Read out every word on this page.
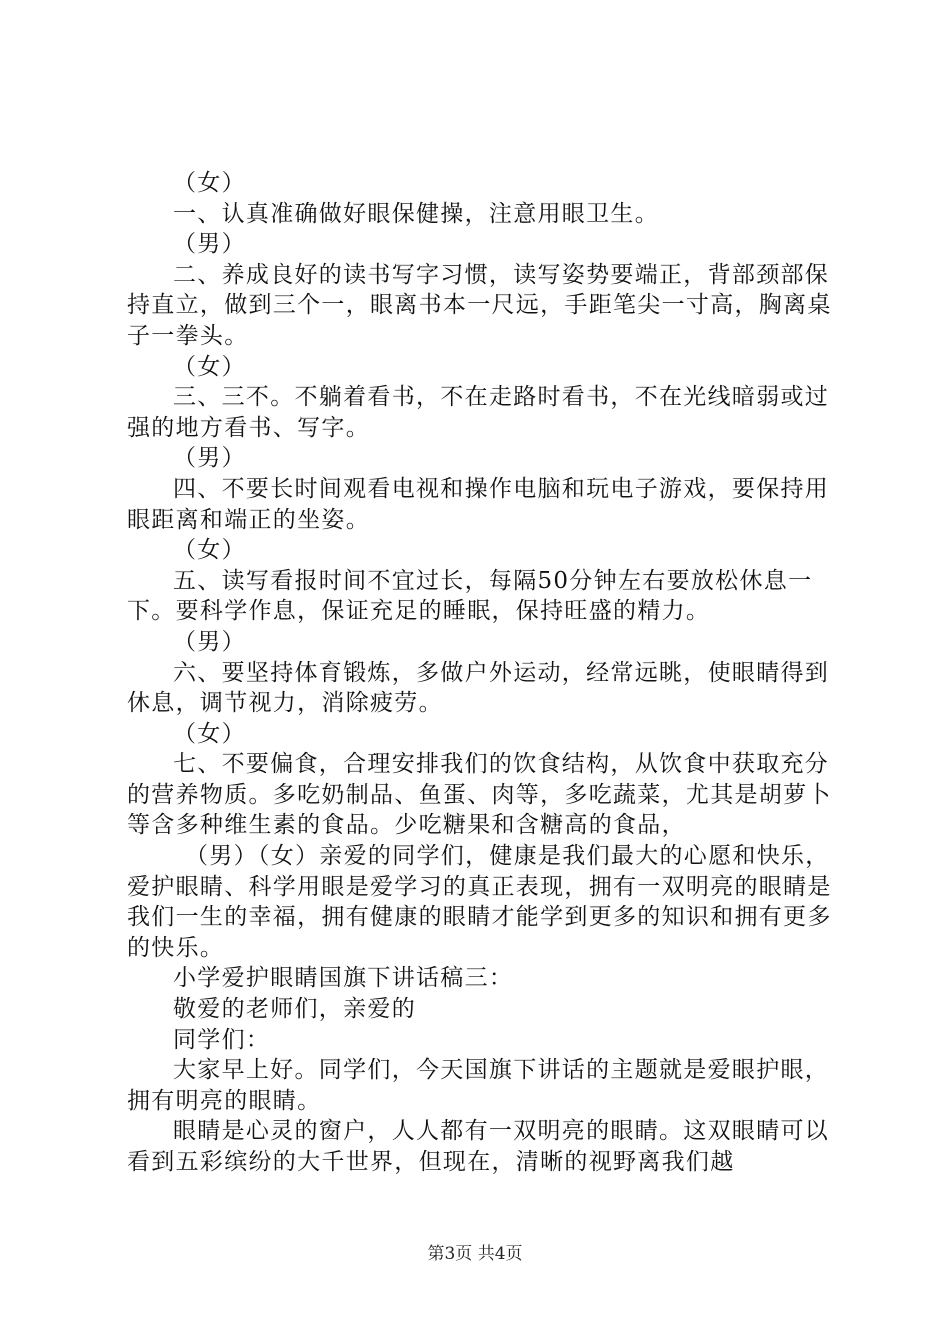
（女）

一、认真准确做好眼保健操，注意用眼卫生。

（男）

二、养成良好的读书写字习惯，读写姿势要端正，背部颈部保持直立，做到三个一，眼离书本一尺远，手距笔尖一寸高，胸离桌子一拳头。

（女）

三、三不。不躺着看书，不在走路时看书，不在光线暗弱或过强的地方看书、写字。

（男）

四、不要长时间观看电视和操作电脑和玩电子游戏，要保持用眼距离和端正的坐姿。

（女）

五、读写看报时间不宜过长，每隔50分钟左右要放松休息一下。要科学作息，保证充足的睡眠，保持旺盛的精力。

（男）

六、要坚持体育锻炼，多做户外运动，经常远眺，使眼睛得到休息，调节视力，消除疲劳。

（女）

七、不要偏食，合理安排我们的饮食结构，从饮食中获取充分的营养物质。多吃奶制品、鱼蛋、肉等，多吃蔬菜，尤其是胡萝卜等含多种维生素的食品。少吃糖果和含糖高的食品，

（男）（女）亲爱的同学们，健康是我们最大的心愿和快乐，爱护眼睛、科学用眼是爱学习的真正表现，拥有一双明亮的眼睛是我们一生的幸福，拥有健康的眼睛才能学到更多的知识和拥有更多的快乐。

小学爱护眼睛国旗下讲话稿三：

敬爱的老师们，亲爱的

同学们：

大家早上好。同学们，今天国旗下讲话的主题就是爱眼护眼，拥有明亮的眼睛。

眼睛是心灵的窗户，人人都有一双明亮的眼睛。这双眼睛可以看到五彩缤纷的大千世界，但现在，清晰的视野离我们越

第3页 共4页
